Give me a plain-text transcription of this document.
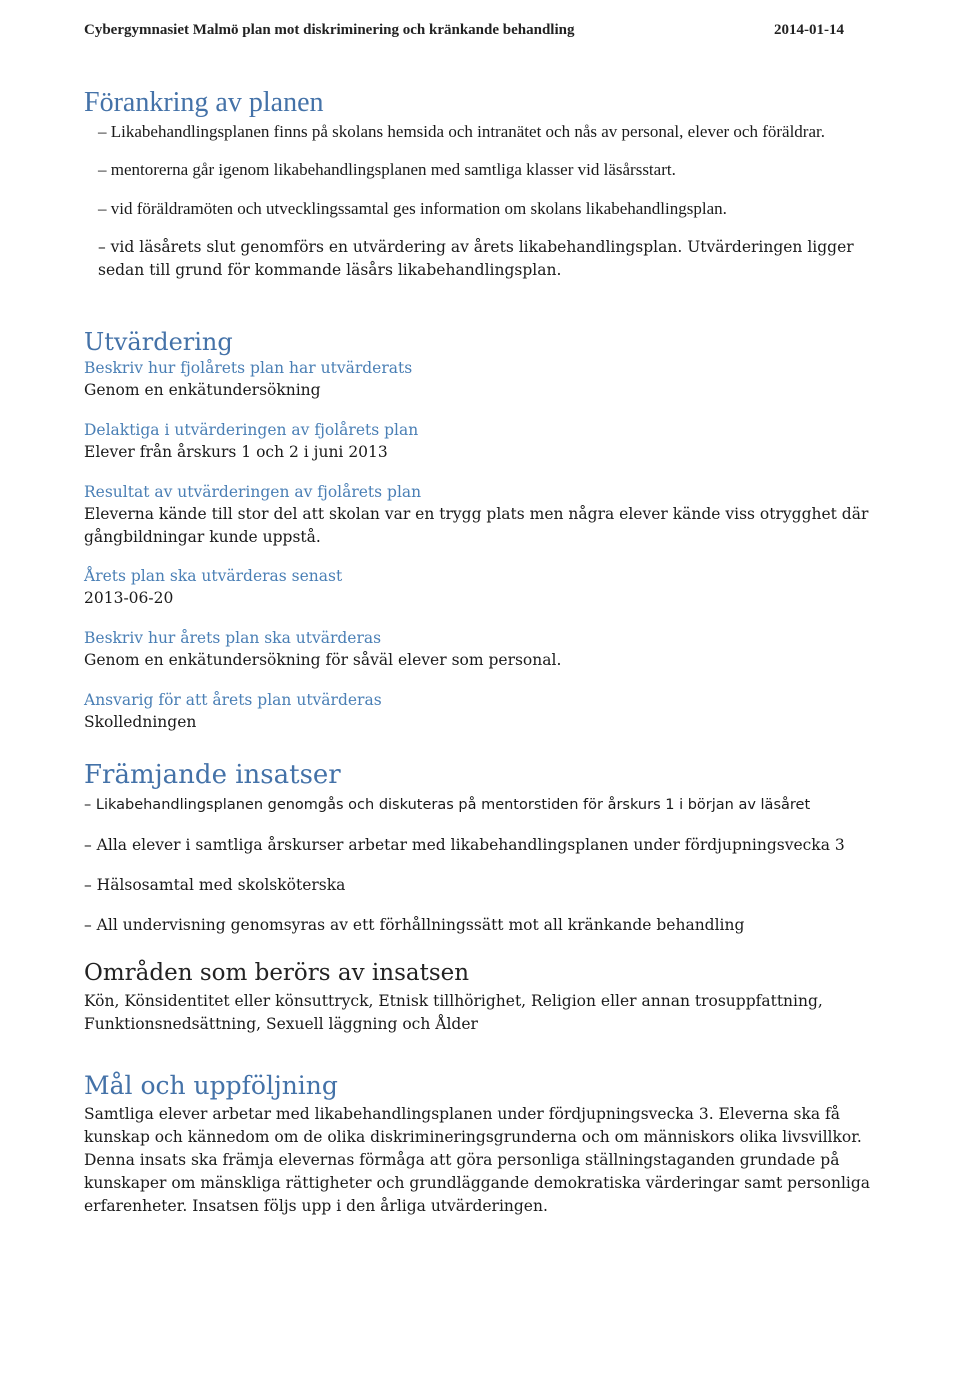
Cybergymnasiet Malmö plan mot diskriminering och kränkande behandling	2014-01-14
Förankring av planen
– Likabehandlingsplanen finns på skolans hemsida och intranätet och nås av personal, elever och föräldrar.
– mentorerna går igenom likabehandlingsplanen med samtliga klasser vid läsårsstart.
– vid föräldramöten och utvecklingssamtal ges information om skolans likabehandlingsplan.
– vid läsårets slut genomförs en utvärdering av årets likabehandlingsplan. Utvärderingen ligger sedan till grund för kommande läsårs likabehandlingsplan.
Utvärdering
Beskriv hur fjolårets plan har utvärderats
Genom en enkätundersökning
Delaktiga i utvärderingen av fjolårets plan
Elever från årskurs 1 och 2 i juni 2013
Resultat av utvärderingen av fjolårets plan
Eleverna kände till stor del att skolan var en trygg plats men några elever kände viss otrygghet där gångbildningar kunde uppstå.
Årets plan ska utvärderas senast
2013-06-20
Beskriv hur årets plan ska utvärderas
Genom en enkätundersökning för såväl elever som personal.
Ansvarig för att årets plan utvärderas
Skolledningen
Främjande insatser
– Likabehandlingsplanen genomgås och diskuteras på mentorstiden för årskurs 1 i början av läsåret
– Alla elever i samtliga årskurser arbetar med likabehandlingsplanen under fördjupningsvecka 3
– Hälsosamtal med skolsköterska
– All undervisning genomsyras av ett förhållningssätt mot all kränkande behandling
Områden som berörs av insatsen
Kön, Könsidentitet eller könsuttryck, Etnisk tillhörighet, Religion eller annan trosuppfattning, Funktionsnedsättning, Sexuell läggning och Ålder
Mål och uppföljning
Samtliga elever arbetar med likabehandlingsplanen under fördjupningsvecka 3. Eleverna ska få kunskap och kännedom om de olika diskrimineringsgrunderna och om människors olika livsvillkor. Denna insats ska främja elevernas förmåga att göra personliga ställningstaganden grundade på kunskaper om mänskliga rättigheter och grundläggande demokratiska värderingar samt personliga erfarenheter. Insatsen följs upp i den årliga utvärderingen.
